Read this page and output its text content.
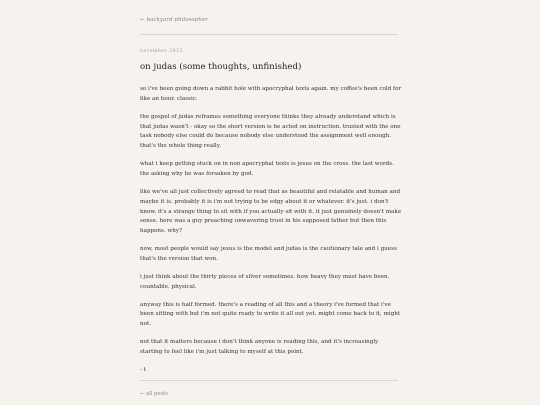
← backyard philosopher
november 2023
on judas (some thoughts, unfinished)

so i've been going down a rabbit hole with apocryphal texts again. my coffee's been cold for like an hour. classic.

the gospel of judas reframes something everyone thinks they already understand which is that judas wasn't - okay so the short version is he acted on instruction. trusted with the one task nobody else could do because nobody else understood the assignment well enough. that's the whole thing really.

what i keep getting stuck on in non apocryphal texts is jesus on the cross. the last words. the asking why he was forsaken by god.

like we've all just collectively agreed to read that as beautiful and relatable and human and maybe it is. probably it is i'm not trying to be edgy about it or whatever. it's just. i don't know. it's a strange thing to sit with if you actually sit with it. it just genuinely doesn't make sense. here was a guy preaching unwavering trust in his supposed father but then this happens. why?

now, most people would say jesus is the model and judas is the cautionary tale and i guess that's the version that won.

i just think about the thirty pieces of silver sometimes. how heavy they must have been. countable. physical.

anyway this is half formed. there's a reading of all this and a theory i've formed that i've been sitting with but i'm not quite ready to write it all out yet. might come back to it, might not.

not that it matters because i don't think anyone is reading this, and it's increasingly starting to feel like i'm just talking to myself at this point.

- t

← all posts
